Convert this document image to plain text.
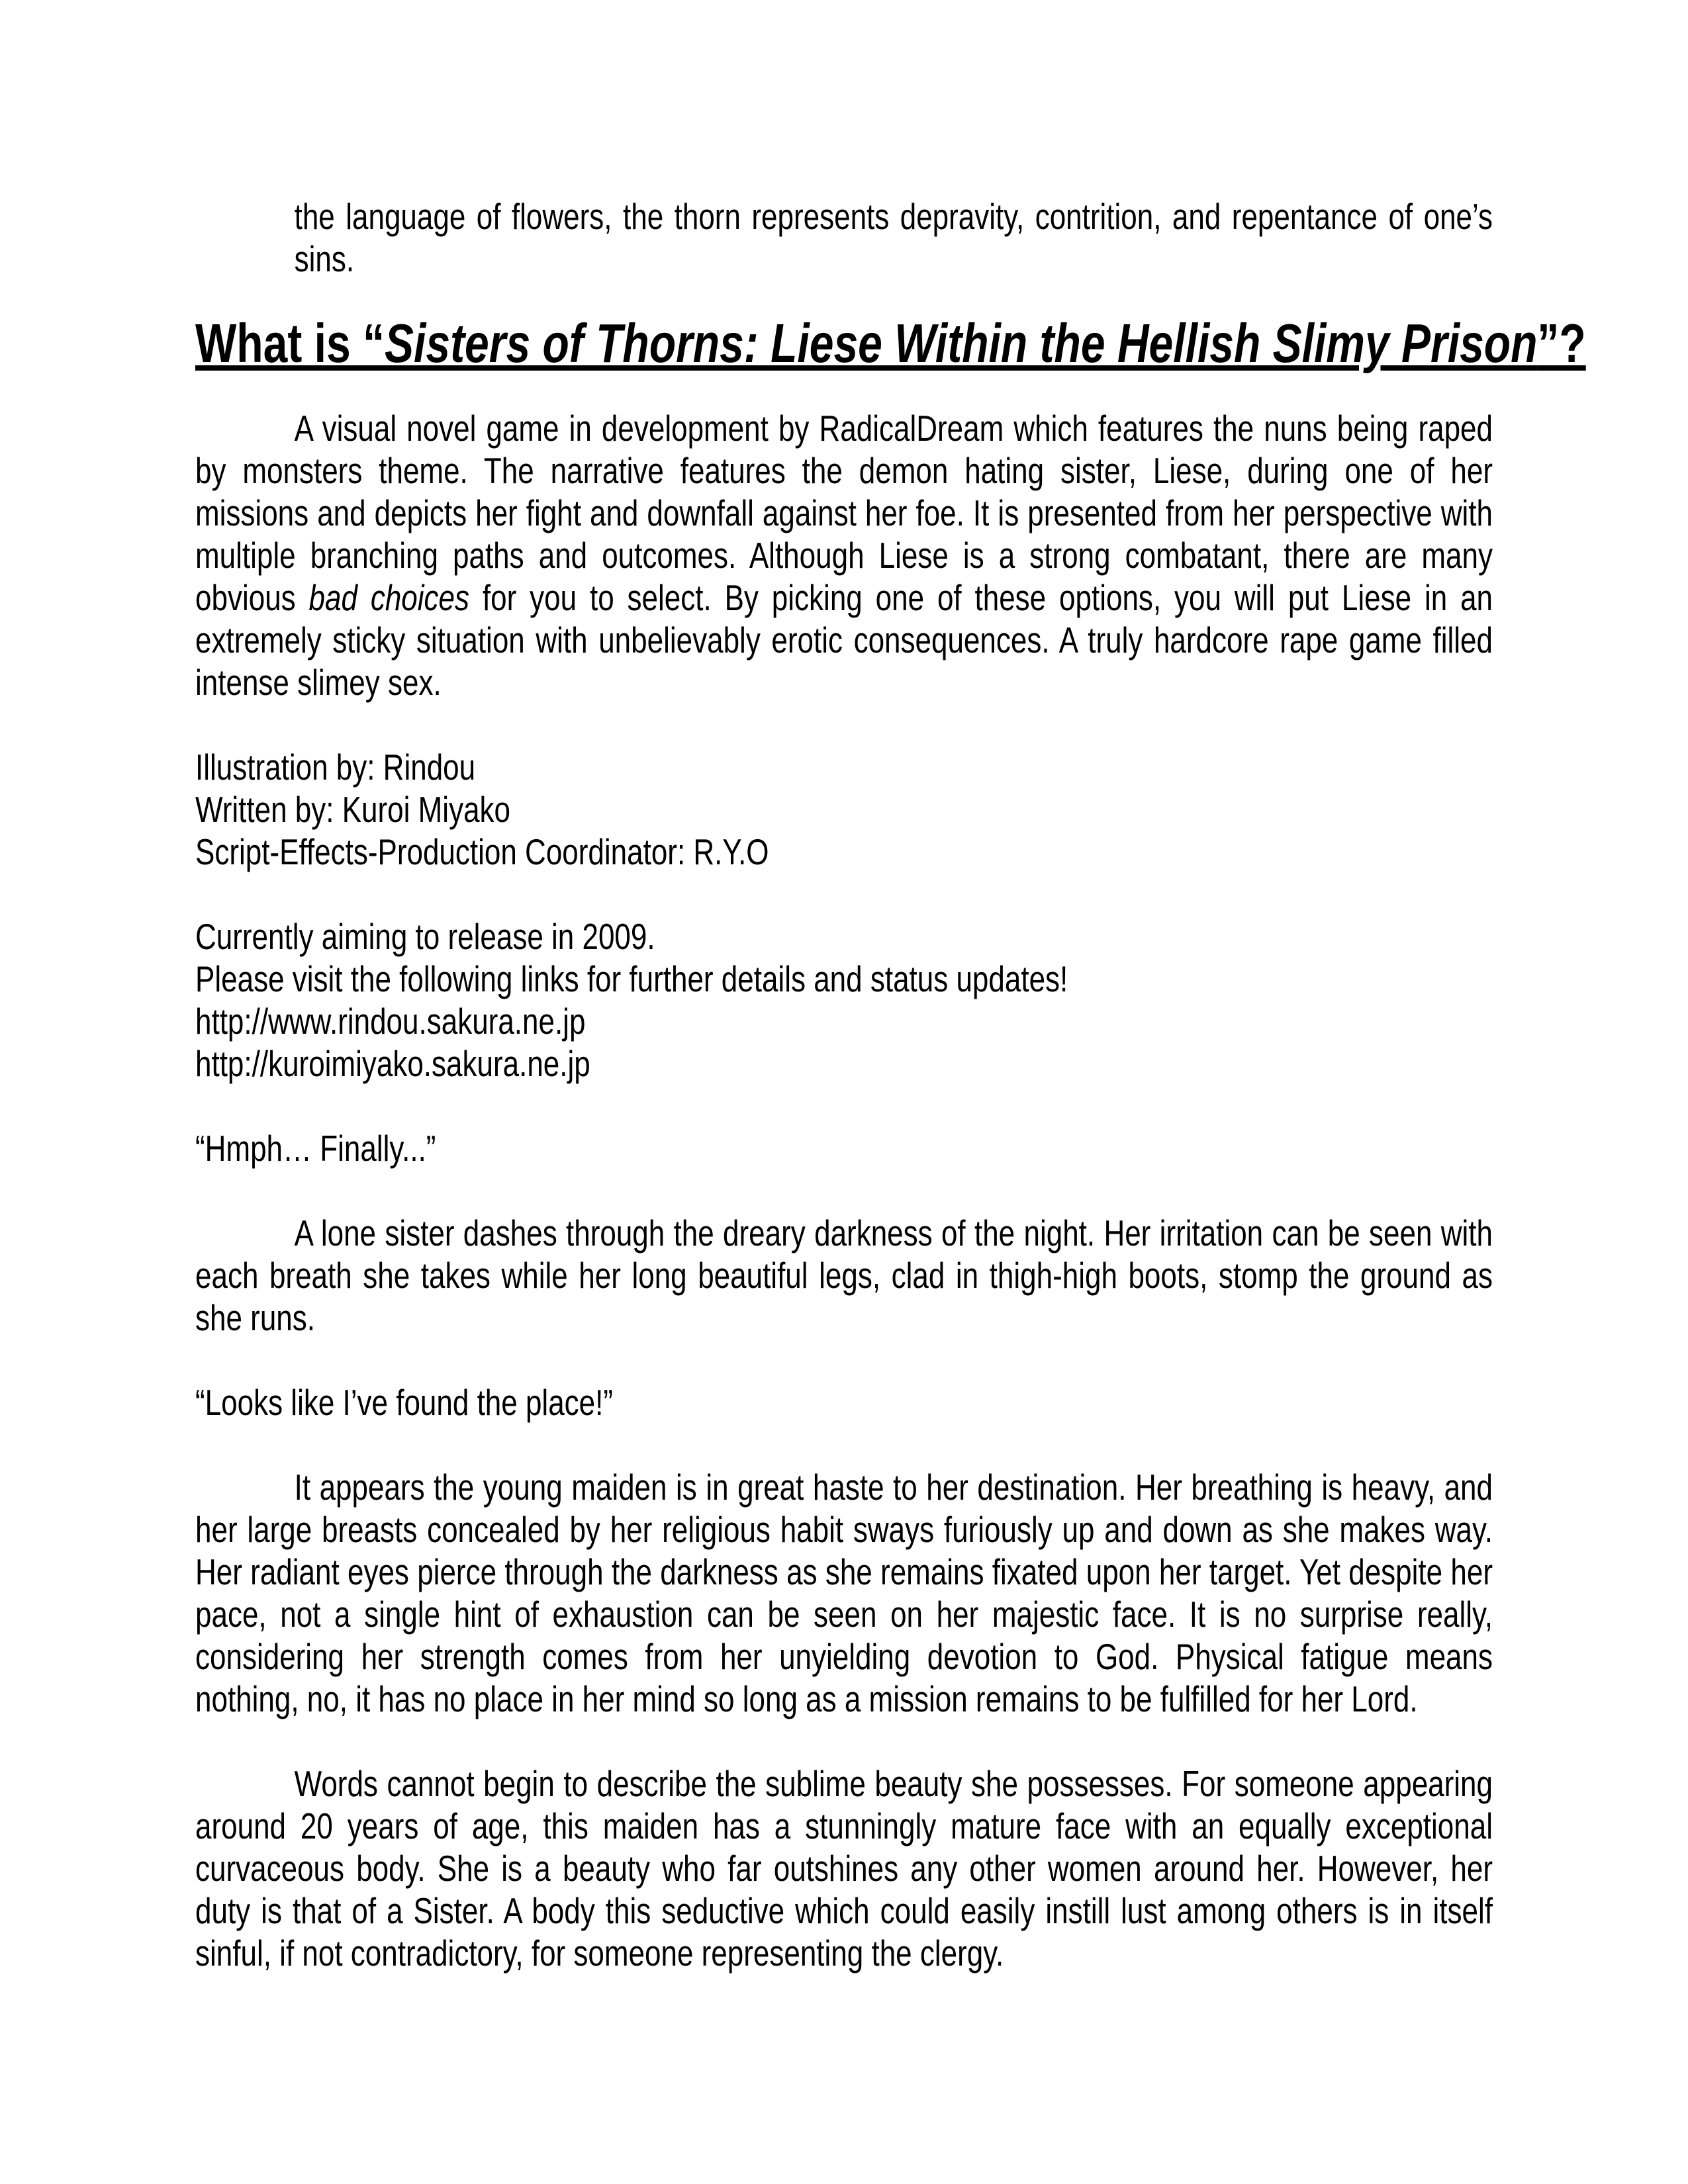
the language of flowers, the thorn represents depravity, contrition, and repentance of one’s sins.

What is “Sisters of Thorns: Liese Within the Hellish Slimy Prison”?

A visual novel game in development by RadicalDream which features the nuns being raped by monsters theme. The narrative features the demon hating sister, Liese, during one of her missions and depicts her fight and downfall against her foe. It is presented from her perspective with multiple branching paths and outcomes. Although Liese is a strong combatant, there are many obvious bad choices for you to select. By picking one of these options, you will put Liese in an extremely sticky situation with unbelievably erotic consequences. A truly hardcore rape game filled intense slimey sex.

Illustration by: Rindou
Written by: Kuroi Miyako
Script-Effects-Production Coordinator: R.Y.O
Currently aiming to release in 2009.
Please visit the following links for further details and status updates!
http://www.rindou.sakura.ne.jp
http://kuroimiyako.sakura.ne.jp

“Hmph… Finally...”

A lone sister dashes through the dreary darkness of the night. Her irritation can be seen with each breath she takes while her long beautiful legs, clad in thigh-high boots, stomp the ground as she runs.

“Looks like I’ve found the place!”

It appears the young maiden is in great haste to her destination. Her breathing is heavy, and her large breasts concealed by her religious habit sways furiously up and down as she makes way. Her radiant eyes pierce through the darkness as she remains fixated upon her target. Yet despite her pace, not a single hint of exhaustion can be seen on her majestic face. It is no surprise really, considering her strength comes from her unyielding devotion to God. Physical fatigue means nothing, no, it has no place in her mind so long as a mission remains to be fulfilled for her Lord.

Words cannot begin to describe the sublime beauty she possesses. For someone appearing around 20 years of age, this maiden has a stunningly mature face with an equally exceptional curvaceous body. She is a beauty who far outshines any other women around her. However, her duty is that of a Sister. A body this seductive which could easily instill lust among others is in itself sinful, if not contradictory, for someone representing the clergy.
